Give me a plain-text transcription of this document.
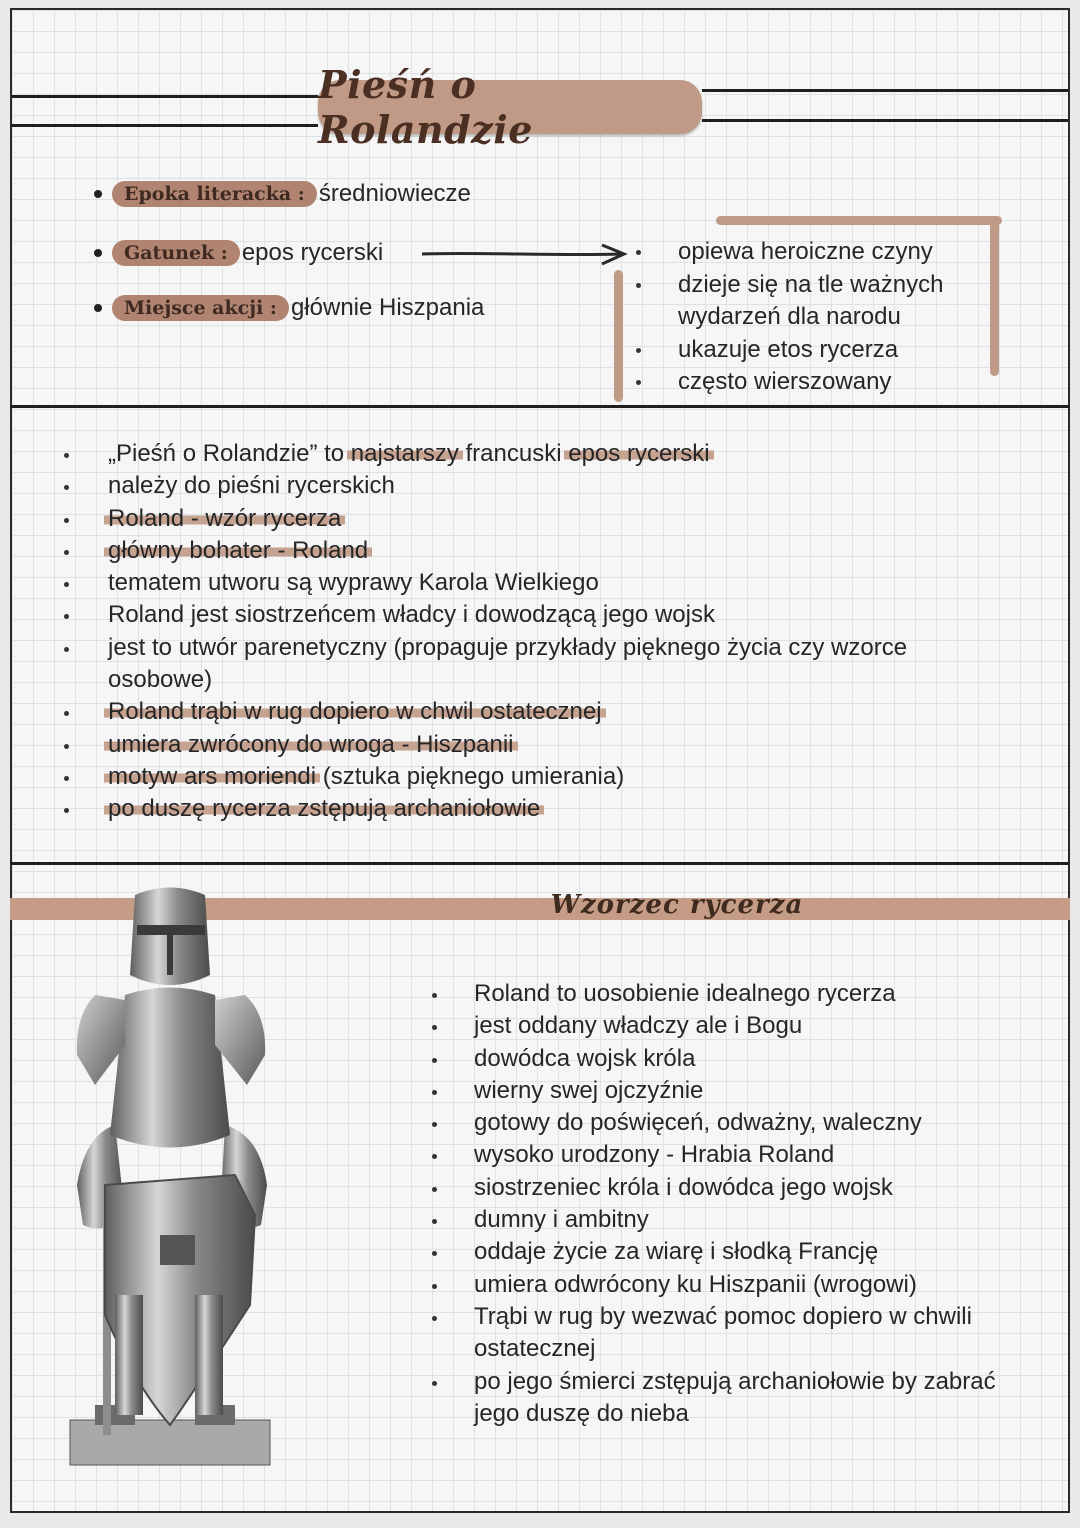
Pieśń o Rolandzie
Epoka literacka : średniowiecze
Gatunek : epos rycerski
Miejsce akcji : głównie Hiszpania
opiewa heroiczne czyny
dzieje się na tle ważnych wydarzeń dla narodu
ukazuje etos rycerza
często wierszowany
„Pieśń o Rolandzie” to najstarszy francuski epos rycerski
należy do pieśni rycerskich
Roland - wzór rycerza
główny bohater - Roland
tematem utworu są wyprawy Karola Wielkiego
Roland jest siostrzeńcem władcy i dowodzącą jego wojsk
jest to utwór parenetyczny (propaguje przykłady pięknego życia czy wzorce osobowe)
Roland trąbi w rug dopiero w chwil ostatecznej
umiera zwrócony do wroga - Hiszpanii
motyw ars moriendi (sztuka pięknego umierania)
po duszę rycerza zstępują archaniołowie
Wzorzec rycerza
Roland to uosobienie idealnego rycerza
jest oddany władczy ale i Bogu
dowódca wojsk króla
wierny swej ojczyźnie
gotowy do poświęceń, odważny, waleczny
wysoko urodzony - Hrabia Roland
siostrzeniec króla i dowódca jego wojsk
dumny i ambitny
oddaje życie za wiarę i słodką Francję
umiera odwrócony ku Hiszpanii (wrogowi)
Trąbi w rug by wezwać pomoc dopiero w chwili ostatecznej
po jego śmierci zstępują archaniołowie by zabrać jego duszę do nieba
